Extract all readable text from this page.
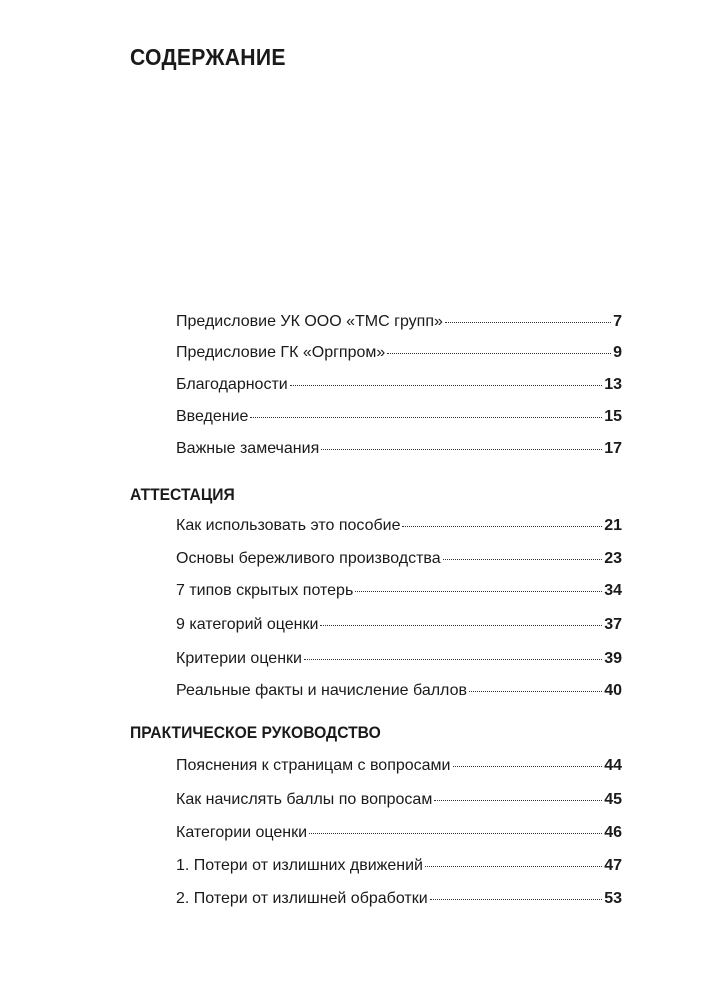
СОДЕРЖАНИЕ
Предисловие УК ООО «ТМС групп»	7
Предисловие ГК «Оргпром»	9
Благодарности	13
Введение	15
Важные замечания	17
АТТЕСТАЦИЯ
Как использовать это пособие	21
Основы бережливого производства	23
7 типов скрытых потерь	34
9 категорий оценки	37
Критерии оценки	39
Реальные факты и начисление баллов	40
ПРАКТИЧЕСКОЕ РУКОВОДСТВО
Пояснения к страницам с вопросами	44
Как начислять баллы по вопросам	45
Категории оценки	46
1. Потери от излишних движений	47
2. Потери от излишней обработки	53
